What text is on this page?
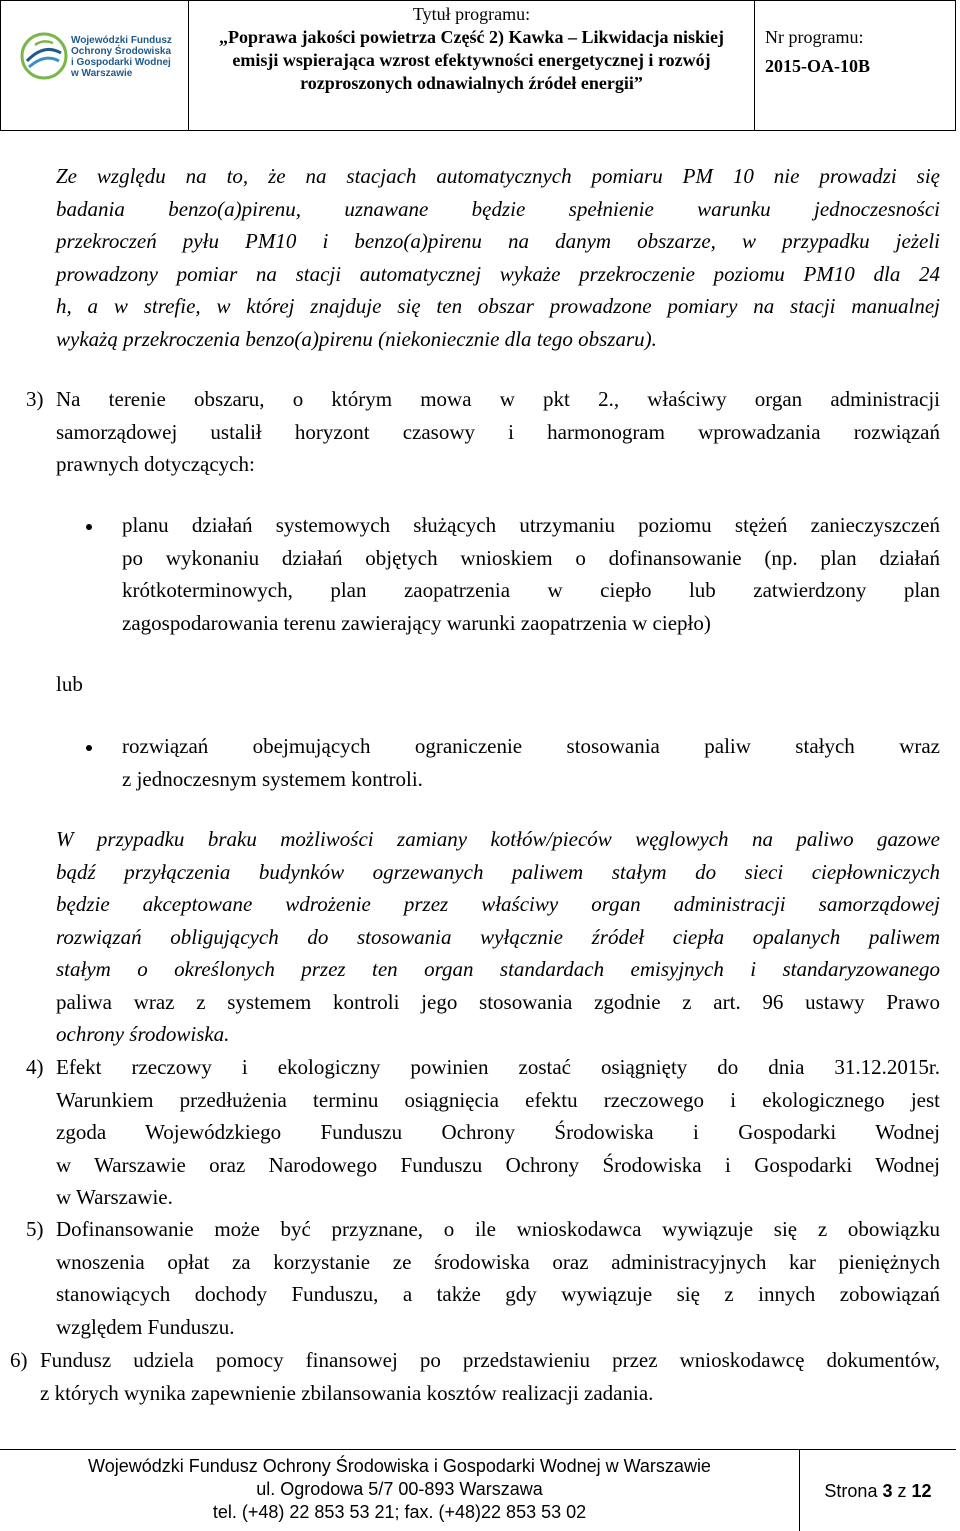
Wojewódzki Fundusz
Ochrony Środowiska
i Gospodarki Wodnej
w Warszawie
Tytuł programu:
„Poprawa jakości powietrza Część 2) Kawka – Likwidacja niskiej
emisji wspierająca wzrost efektywności energetycznej i rozwój
rozproszonych odnawialnych źródeł energii”
Nr programu:
2015-OA-10B
Ze względu na to, że na stacjach automatycznych pomiaru PM 10 nie prowadzi się
badania benzo(a)pirenu, uznawane będzie spełnienie warunku jednoczesności
przekroczeń pyłu PM10 i benzo(a)pirenu na danym obszarze, w przypadku jeżeli
prowadzony pomiar na stacji automatycznej wykaże przekroczenie poziomu PM10 dla 24
h, a w strefie, w której znajduje się ten obszar prowadzone pomiary na stacji manualnej
wykażą przekroczenia benzo(a)pirenu (niekoniecznie dla tego obszaru).
3) Na terenie obszaru, o którym mowa w pkt 2., właściwy organ administracji
samorządowej ustalił horyzont czasowy i harmonogram wprowadzania rozwiązań
prawnych dotyczących:
planu działań systemowych służących utrzymaniu poziomu stężeń zanieczyszczeń
po wykonaniu działań objętych wnioskiem o dofinansowanie (np. plan działań
krótkoterminowych, plan zaopatrzenia w ciepło lub zatwierdzony plan
zagospodarowania terenu zawierający warunki zaopatrzenia w ciepło)
lub
rozwiązań obejmujących ograniczenie stosowania paliw stałych wraz
z jednoczesnym systemem kontroli.
W przypadku braku możliwości zamiany kotłów/pieców węglowych na paliwo gazowe
bądź przyłączenia budynków ogrzewanych paliwem stałym do sieci ciepłowniczych
będzie akceptowane wdrożenie przez właściwy organ administracji samorządowej
rozwiązań obligujących do stosowania wyłącznie źródeł ciepła opalanych paliwem
stałym o określonych przez ten organ standardach emisyjnych i standaryzowanego
paliwa wraz z systemem kontroli jego stosowania zgodnie z art. 96 ustawy Prawo
ochrony środowiska.
4) Efekt rzeczowy i ekologiczny powinien zostać osiągnięty do dnia 31.12.2015r.
Warunkiem przedłużenia terminu osiągnięcia efektu rzeczowego i ekologicznego jest
zgoda Wojewódzkiego Funduszu Ochrony Środowiska i Gospodarki Wodnej
w Warszawie oraz Narodowego Funduszu Ochrony Środowiska i Gospodarki Wodnej
w Warszawie.
5) Dofinansowanie może być przyznane, o ile wnioskodawca wywiązuje się z obowiązku
wnoszenia opłat za korzystanie ze środowiska oraz administracyjnych kar pieniężnych
stanowiących dochody Funduszu, a także gdy wywiązuje się z innych zobowiązań
względem Funduszu.
6) Fundusz udziela pomocy finansowej po przedstawieniu przez wnioskodawcę dokumentów,
z których wynika zapewnienie zbilansowania kosztów realizacji zadania.
Wojewódzki Fundusz Ochrony Środowiska i Gospodarki Wodnej w Warszawie
ul. Ogrodowa 5/7 00-893 Warszawa
tel. (+48) 22 853 53 21; fax. (+48)22 853 53 02
Strona
3
z
12
